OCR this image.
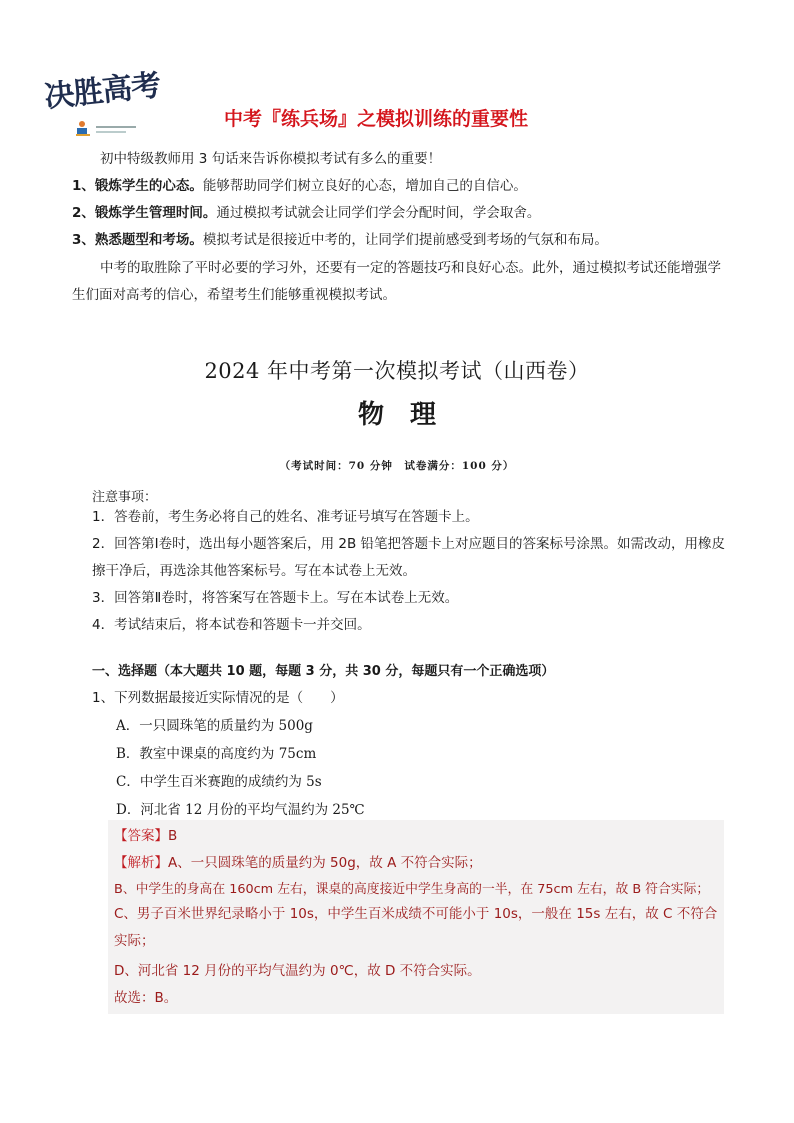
决胜高考
中考『练兵场』之模拟训练的重要性
初中特级教师用 3 句话来告诉你模拟考试有多么的重要！
1、锻炼学生的心态。能够帮助同学们树立良好的心态，增加自己的自信心。
2、锻炼学生管理时间。通过模拟考试就会让同学们学会分配时间，学会取舍。
3、熟悉题型和考场。模拟考试是很接近中考的，让同学们提前感受到考场的气氛和布局。
中考的取胜除了平时必要的学习外，还要有一定的答题技巧和良好心态。此外，通过模拟考试还能增强学生们面对高考的信心，希望考生们能够重视模拟考试。
2024 年中考第一次模拟考试（山西卷）
物理
（考试时间：70 分钟　试卷满分：100 分）
注意事项：
1．答卷前，考生务必将自己的姓名、准考证号填写在答题卡上。
2．回答第Ⅰ卷时，选出每小题答案后，用 2B 铅笔把答题卡上对应题目的答案标号涂黑。如需改动，用橡皮擦干净后，再选涂其他答案标号。写在本试卷上无效。
3．回答第Ⅱ卷时，将答案写在答题卡上。写在本试卷上无效。
4．考试结束后，将本试卷和答题卡一并交回。
一、选择题（本大题共 10 题，每题 3 分，共 30 分，每题只有一个正确选项）
1、下列数据最接近实际情况的是（　　）
A．一只圆珠笔的质量约为 500g
B．教室中课桌的高度约为 75cm
C．中学生百米赛跑的成绩约为 5s
D．河北省 12 月份的平均气温约为 25℃
【答案】B
【解析】A、一只圆珠笔的质量约为 50g，故 A 不符合实际；
B、中学生的身高在 160cm 左右，课桌的高度接近中学生身高的一半，在 75cm 左右，故 B 符合实际；
C、男子百米世界纪录略小于 10s，中学生百米成绩不可能小于 10s，一般在 15s 左右，故 C 不符合实际；
D、河北省 12 月份的平均气温约为 0℃，故 D 不符合实际。
故选：B。
